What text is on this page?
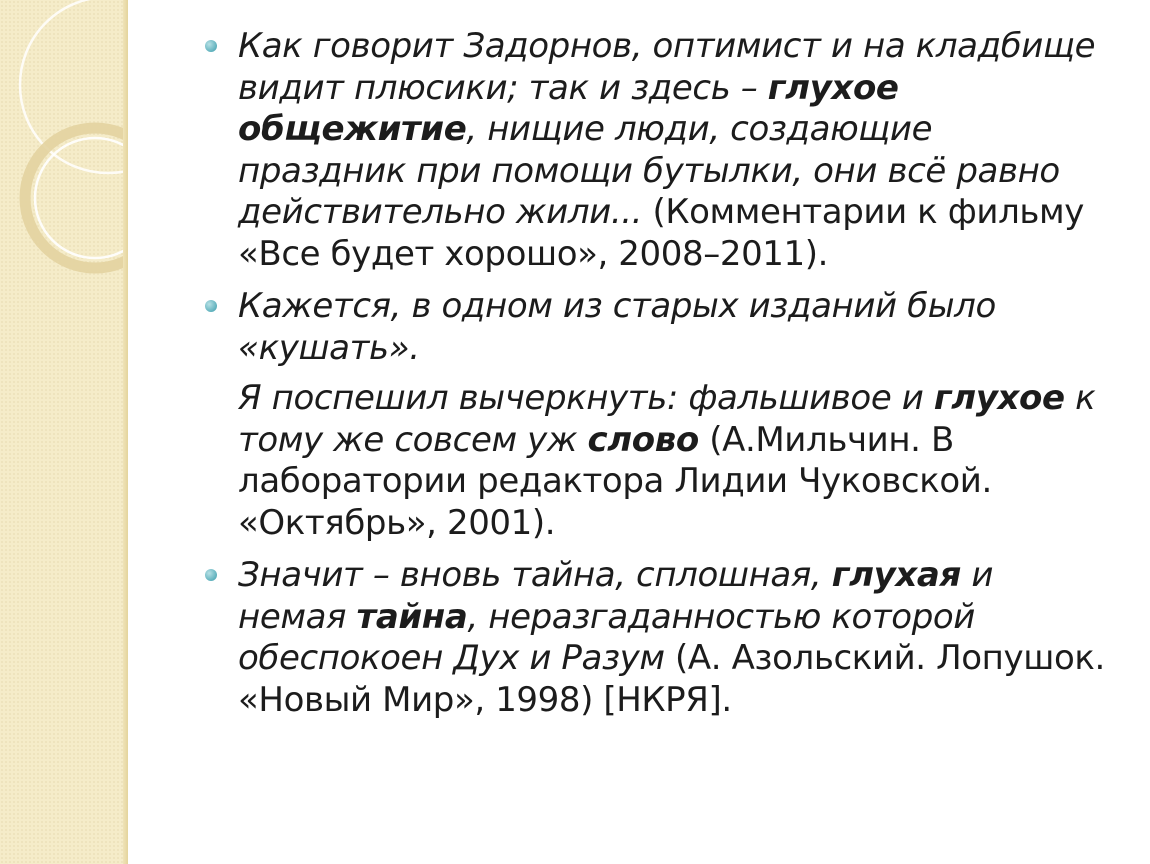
Как говорит Задорнов, оптимист и на кладбище видит плюсики; так и здесь – глухое общежитие, нищие люди, создающие праздник при помощи бутылки, они всё равно действительно жили... (Комментарии к фильму «Все будет хорошо», 2008–2011).
Кажется, в одном из старых изданий было «кушать».
Я поспешил вычеркнуть: фальшивое и глухое к тому же совсем уж слово (А.Мильчин. В лаборатории редактора Лидии Чуковской. «Октябрь», 2001).
Значит – вновь тайна, сплошная, глухая и немая тайна, неразгаданностью которой обеспокоен Дух и Разум (А. Азольский. Лопушок. «Новый Мир», 1998) [НКРЯ].
